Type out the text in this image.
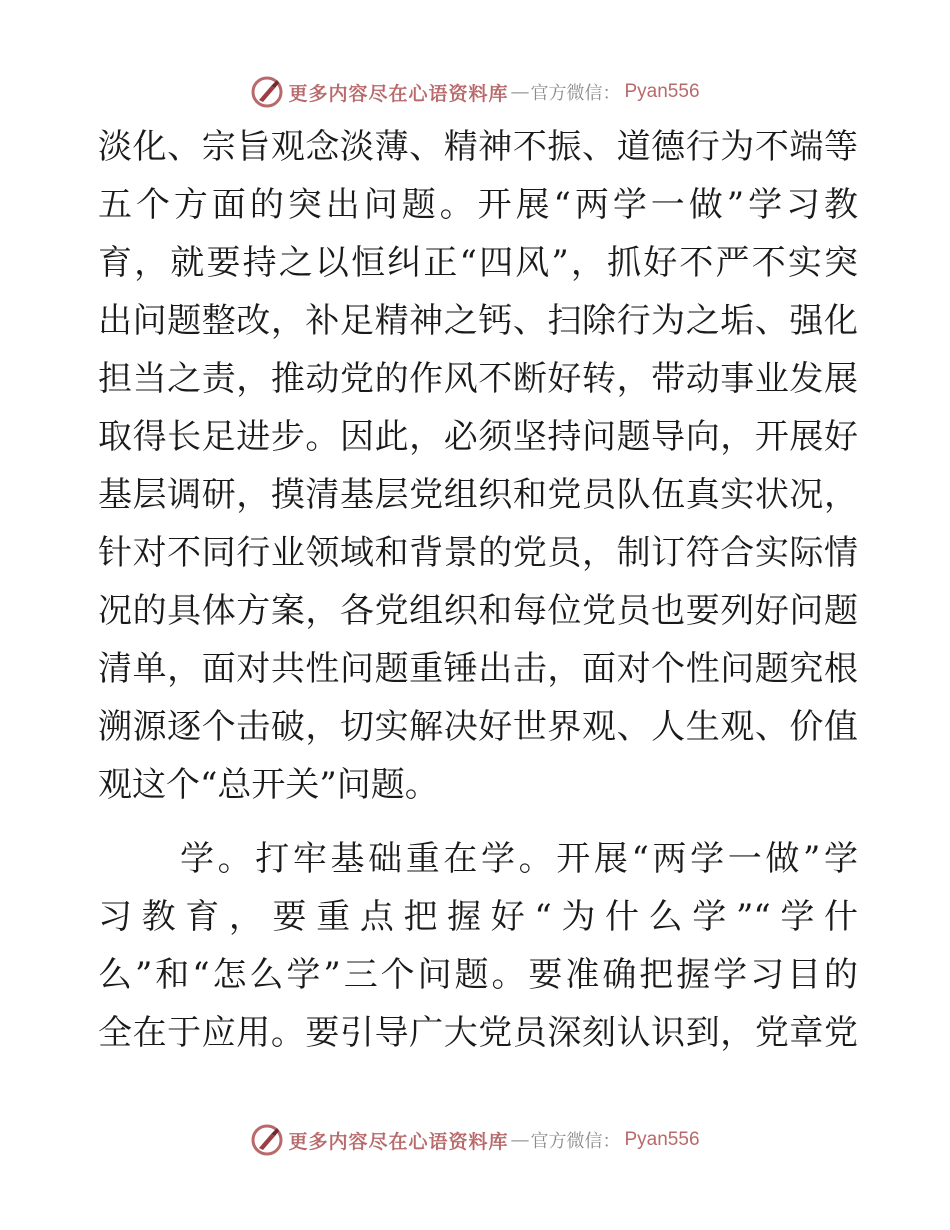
更多内容尽在心语资料库 — 官方微信 ： Pyan556
淡化、宗旨观念淡薄、精神不振、道德行为不端等
五个方面的突出问题。开展“两学一做”学习教
育，就要持之以恒纠正“四风”，抓好不严不实突
出问题整改，补足精神之钙、扫除行为之垢、强化
担当之责，推动党的作风不断好转，带动事业发展
取得长足进步。因此，必须坚持问题导向，开展好
基层调研，摸清基层党组织和党员队伍真实状况，
针对不同行业领域和背景的党员，制订符合实际情
况的具体方案，各党组织和每位党员也要列好问题
清单，面对共性问题重锤出击，面对个性问题究根
溯源逐个击破，切实解决好世界观、人生观、价值
观这个“总开关”问题。
学。打牢基础重在学。开展“两学一做”学
习教育，要重点把握好“为什么学”“学什
么”和“怎么学”三个问题。要准确把握学习目的
全在于应用。要引导广大党员深刻认识到，党章党
更多内容尽在心语资料库 — 官方微信 ： Pyan556
